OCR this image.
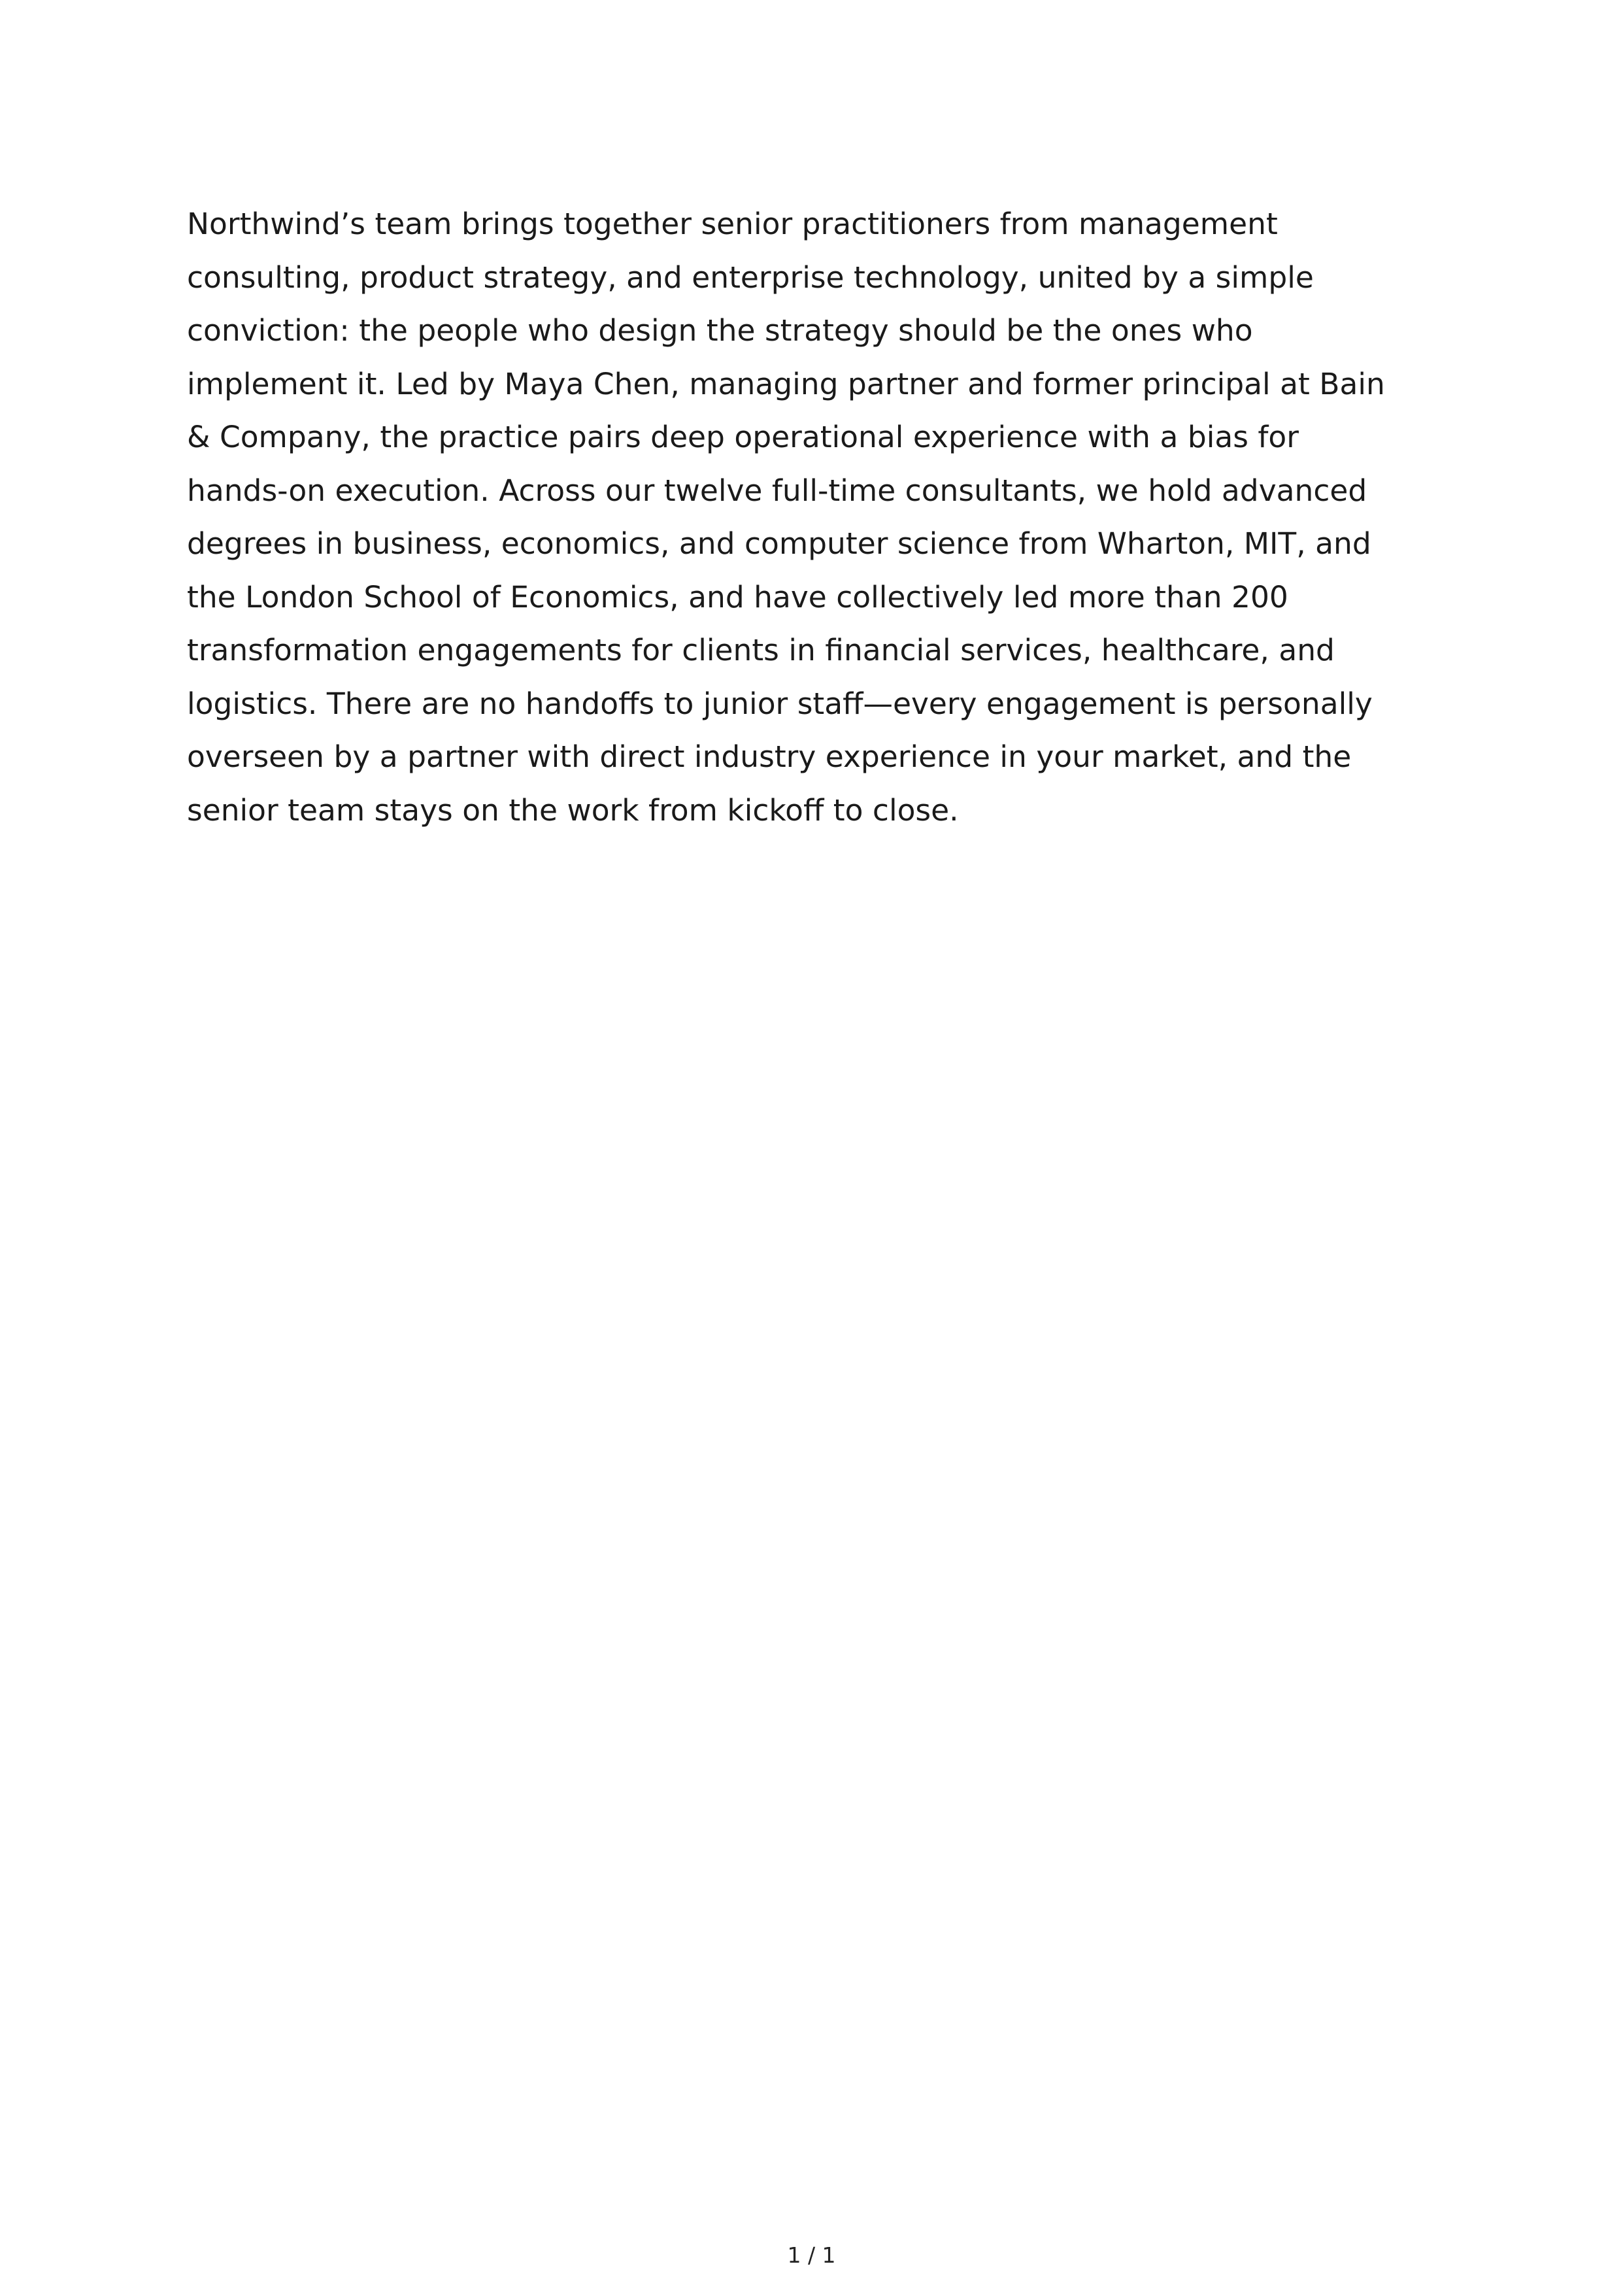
Northwind’s team brings together senior practitioners from management consulting, product strategy, and enterprise technology, united by a simple conviction: the people who design the strategy should be the ones who implement it. Led by Maya Chen, managing partner and former principal at Bain & Company, the practice pairs deep operational experience with a bias for hands-on execution. Across our twelve full-time consultants, we hold advanced degrees in business, economics, and computer science from Wharton, MIT, and the London School of Economics, and have collectively led more than 200 transformation engagements for clients in financial services, healthcare, and logistics. There are no handoffs to junior staff—every engagement is personally overseen by a partner with direct industry experience in your market, and the senior team stays on the work from kickoff to close.

1 / 1
